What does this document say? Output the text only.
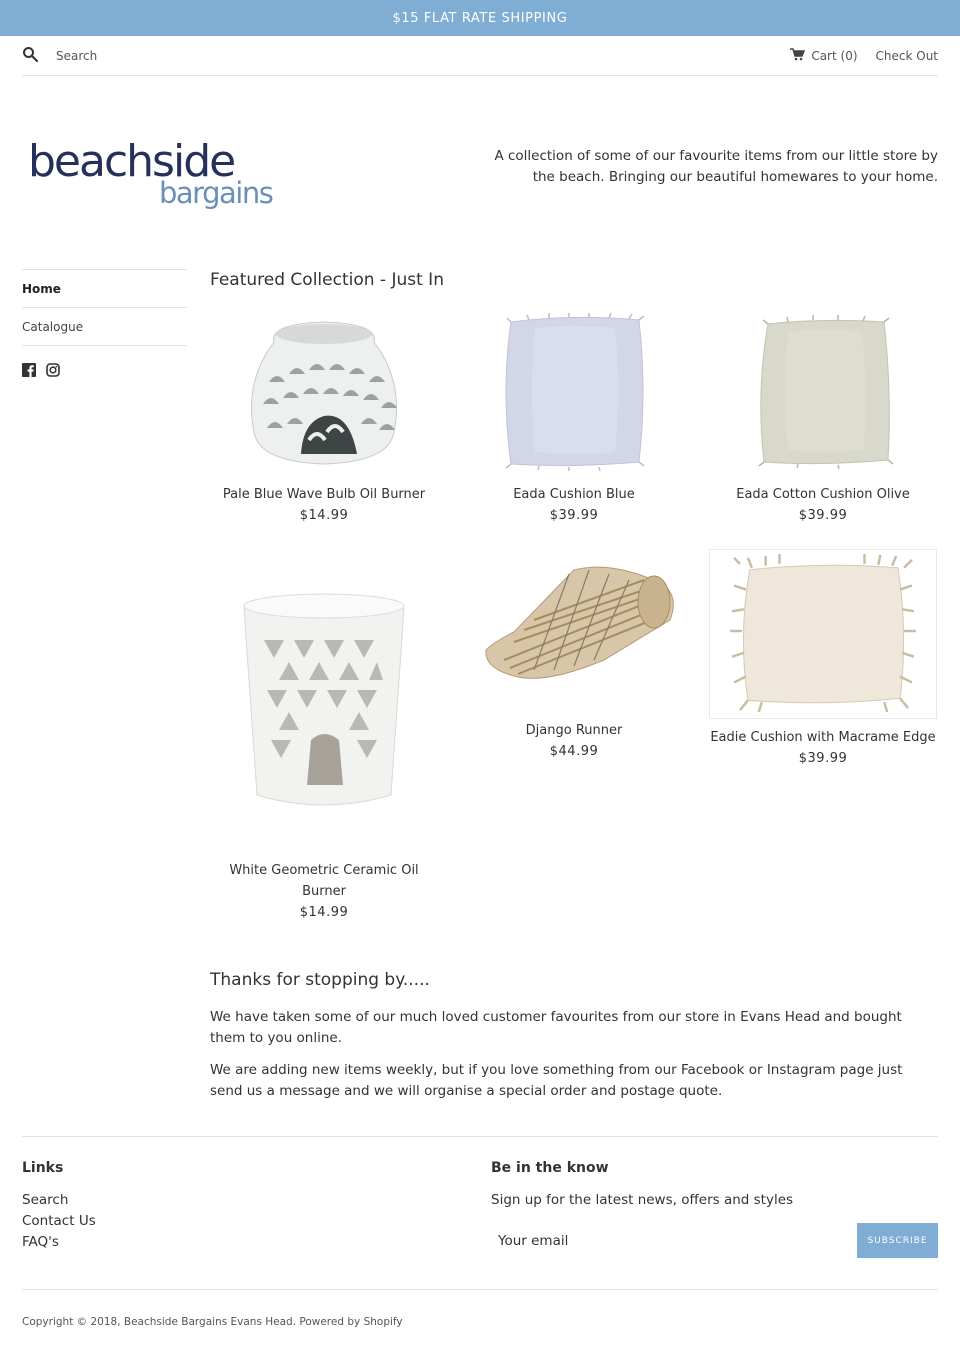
$15 FLAT RATE SHIPPING
Search
Cart (0) Check Out
beachside
bargains
A collection of some of our favourite items from our little store by the beach. Bringing our beautiful homewares to your home.
Home
Catalogue
Featured Collection - Just In
Pale Blue Wave Bulb Oil Burner
$14.99
Eada Cushion Blue
$39.99
Eada Cotton Cushion Olive
$39.99
White Geometric Ceramic Oil Burner
$14.99
Django Runner
$44.99
Eadie Cushion with Macrame Edge
$39.99
Thanks for stopping by.....

We have taken some of our much loved customer favourites from our store in Evans Head and bought them to you online.

We are adding new items weekly, but if you love something from our Facebook or Instagram page just send us a message and we will organise a special order and postage quote.

Links
Search
Contact Us
FAQ's
Be in the know
Sign up for the latest news, offers and styles
Your email
SUBSCRIBE
Copyright © 2018, Beachside Bargains Evans Head. Powered by Shopify
